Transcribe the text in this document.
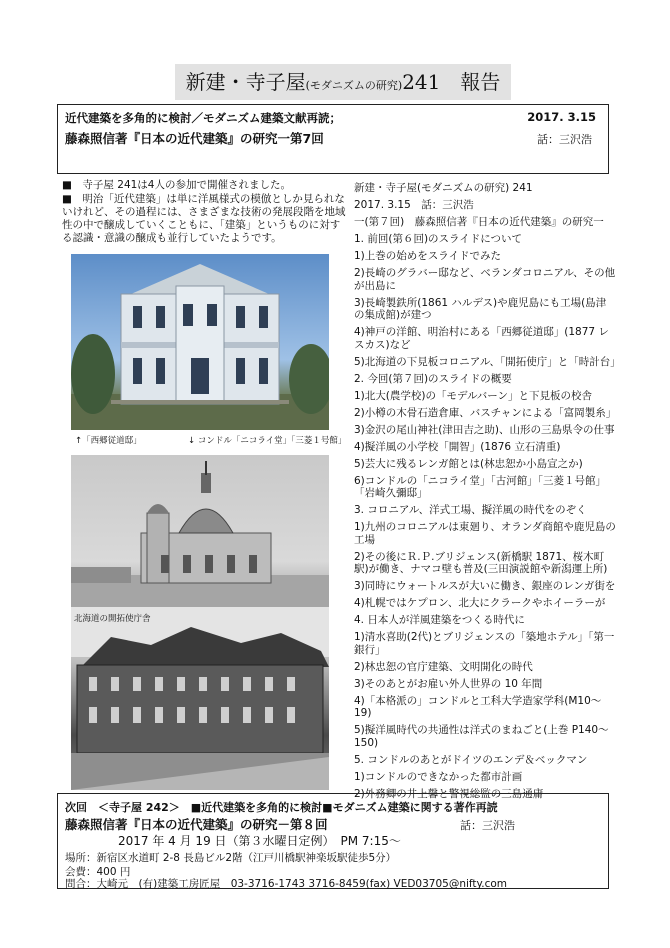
新建・寺子屋(モダニズムの研究)241　報告
近代建築を多角的に検討／モダニズム建築文献再読；	2017. 3.15
藤森照信著『日本の近代建築』の研究一第7回	話：三沢浩

■　寺子屋 241は4人の参加で開催されました。

■　明治「近代建築」は単に洋風様式の模倣としか見られないけれど、その過程には、さまざまな技術の発展段階を地域性の中で醸成していくこともに、「建築」というものに対する認識・意識の醸成も並行していたようです。

↑「西郷従道邸」	↓ コンドル「ニコライ堂」「三菱１号館」
北海道の開拓使庁舎
新建・寺子屋(モダニズムの研究) 241
2017. 3.15　話：三沢浩
一(第７回)　藤森照信著『日本の近代建築』の研究一
1. 前回(第６回)のスライドについて
1)上巻の始めをスライドでみた
2)長崎のグラバー邸など、ベランダコロニアル、その他が出島に
3)長崎製鉄所(1861 ハルデス)や鹿児島にも工場(島津の集成館)が建つ
4)神戸の洋館、明治村にある「西郷従道邸」(1877 レスカス)など
5)北海道の下見板コロニアル、「開拓使庁」と「時計台」
2. 今回(第７回)のスライドの概要
1)北大(農学校)の「モデルバーン」と下見板の校舎
2)小樽の木骨石造倉庫、バスチャンによる「富岡製糸」
3)金沢の尾山神社(津田吉之助)、山形の三島県令の仕事
4)擬洋風の小学校「開智」(1876 立石清重)
5)芸大に残るレンガ館とは(林忠恕か小島宣之か)
6)コンドルの「ニコライ堂」「古河館」「三菱１号館」「岩崎久彌邸」
3. コロニアル、洋式工場、擬洋風の時代をのぞく
1)九州のコロニアルは東廻り、オランダ商館や鹿児島の工場
2)その後にＲ.Ｐ.ブリジェンス(新橋駅 1871、桜木町駅)が働き、ナマコ壁も普及(三田演説館や新潟運上所)
3)同時にウォートルスが大いに働き、銀座のレンガ街を
4)札幌ではケプロン、北大にクラークやホイーラーが
4. 日本人が洋風建築をつくる時代に
1)清水喜助(2代)とブリジェンスの「築地ホテル」「第一銀行」
2)林忠恕の官庁建築、文明開化の時代
3)そのあとがお雇い外人世界の 10 年間
4)「本格派の」コンドルと工科大学造家学科(M10～19)
5)擬洋風時代の共通性は洋式のまねごと(上巻 P140～150)
5. コンドルのあとがドイツのエンデ＆ベックマン
1)コンドルのできなかった都市計画
2)外務卿の井上馨と警視総監の三島通庸
次回　＜寺子屋 242＞　■近代建築を多角的に検討■モダニズム建築に関する著作再読
藤森照信著『日本の近代建築』の研究－第８回	話：三沢浩
2017 年 4 月 19 日（第３水曜日定例）　PM 7:15～
場所：新宿区水道町 2-8 長島ビル2階（江戸川橋駅神楽坂駅徒歩5分）
会費：400 円
問合：大崎元　(有)建築工房匠屋　03-3716-1743 3716-8459(fax) VED03705@nifty.com
